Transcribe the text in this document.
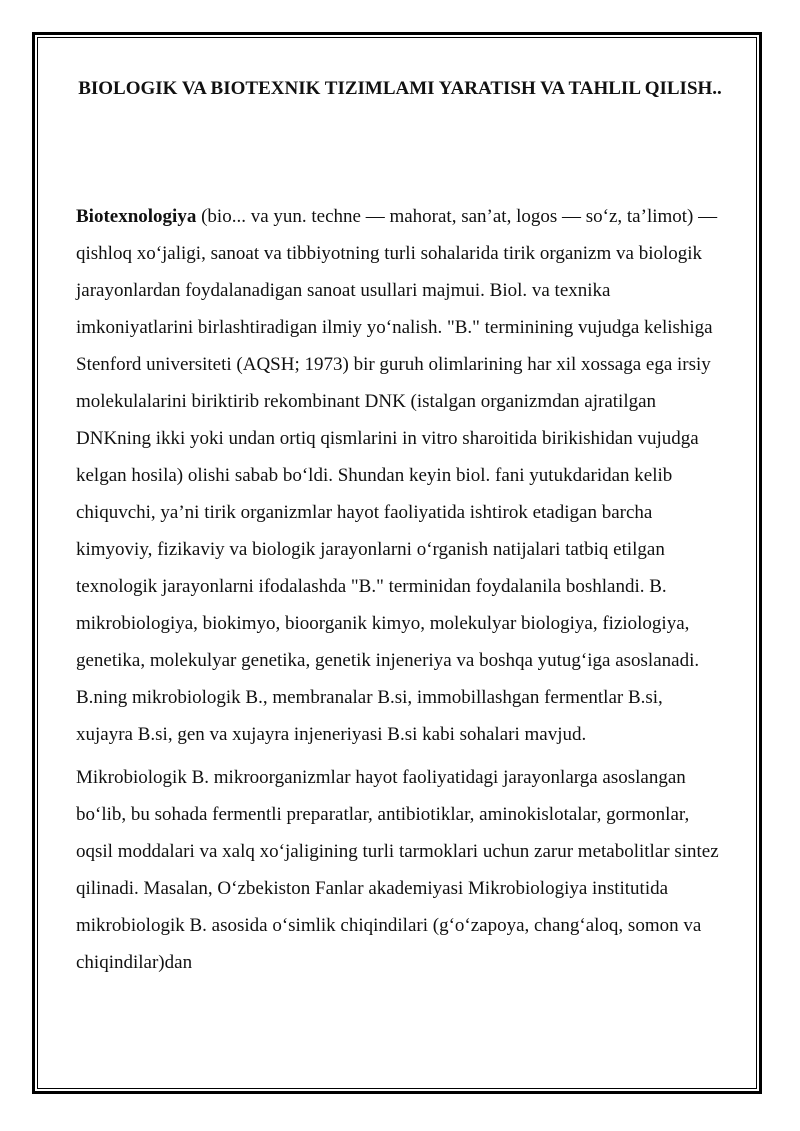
BIOLOGIK VA BIOTEXNIK TIZIMLAMI YARATISH VA TAHLIL QILISH..

Biotexnologiya (bio... va yun. techne — mahorat, san’at, logos — so‘z, ta’limot) — qishloq xo‘jaligi, sanoat va tibbiyotning turli sohalarida tirik organizm va biologik jarayonlardan foydalanadigan sanoat usullari majmui. Biol. va texnika imkoniyatlarini birlashtiradigan ilmiy yo‘nalish. "B." terminining vujudga kelishiga Stenford universiteti (AQSH; 1973) bir guruh olimlarining har xil xossaga ega irsiy molekulalarini biriktirib rekombinant DNK (istalgan organizmdan ajratilgan DNKning ikki yoki undan ortiq qismlarini in vitro sharoitida birikishidan vujudga kelgan hosila) olishi sabab bo‘ldi. Shundan keyin biol. fani yutukdaridan kelib chiquvchi, ya’ni tirik organizmlar hayot faoliyatida ishtirok etadigan barcha kimyoviy, fizikaviy va biologik jarayonlarni o‘rganish natijalari tatbiq etilgan texnologik jarayonlarni ifodalashda "B." terminidan foydalanila boshlandi. B. mikrobiologiya, biokimyo, bioorganik kimyo, molekulyar biologiya, fiziologiya, genetika, molekulyar genetika, genetik injeneriya va boshqa yutug‘iga asoslanadi. B.ning mikrobiologik B., membranalar B.si, immobillashgan fermentlar B.si, xujayra B.si, gen va xujayra injeneriyasi B.si kabi sohalari mavjud.

Mikrobiologik B. mikroorganizmlar hayot faoliyatidagi jarayonlarga asoslangan bo‘lib, bu sohada fermentli preparatlar, antibiotiklar, aminokislotalar, gormonlar, oqsil moddalari va xalq xo‘jaligining turli tarmoklari uchun zarur metabolitlar sintez qilinadi. Masalan, O‘zbekiston Fanlar akademiyasi Mikrobiologiya institutida mikrobiologik B. asosida o‘simlik chiqindilari (g‘o‘zapoya, chang‘aloq, somon va chiqindilar)dan
